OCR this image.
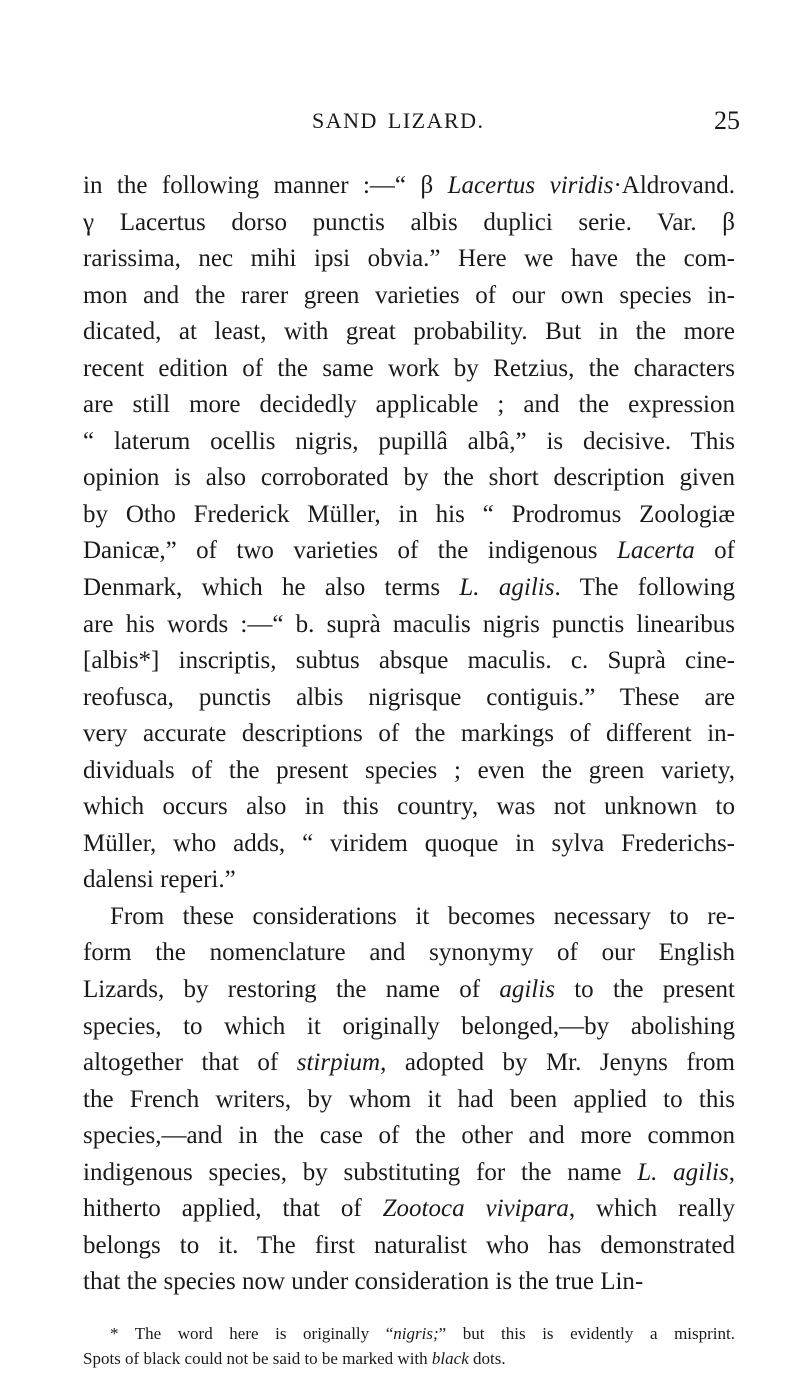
SAND LIZARD.	25
in the following manner :—“ β Lacertus viridis·Aldrovand.
γ Lacertus dorso punctis albis duplici serie. Var. β
rarissima, nec mihi ipsi obvia.” Here we have the com-
mon and the rarer green varieties of our own species in-
dicated, at least, with great probability. But in the more
recent edition of the same work by Retzius, the characters
are still more decidedly applicable ; and the expression
“ laterum ocellis nigris, pupillâ albâ,” is decisive. This
opinion is also corroborated by the short description given
by Otho Frederick Müller, in his “ Prodromus Zoologiæ
Danicæ,” of two varieties of the indigenous Lacerta of
Denmark, which he also terms L. agilis. The following
are his words :—“ b. suprà maculis nigris punctis linearibus
[albis*] inscriptis, subtus absque maculis. c. Suprà cine-
reofusca, punctis albis nigrisque contiguis.” These are
very accurate descriptions of the markings of different in-
dividuals of the present species ; even the green variety,
which occurs also in this country, was not unknown to
Müller, who adds, “ viridem quoque in sylva Frederichs-
dalensi reperi.”
From these considerations it becomes necessary to re-
form the nomenclature and synonymy of our English
Lizards, by restoring the name of agilis to the present
species, to which it originally belonged,—by abolishing
altogether that of stirpium, adopted by Mr. Jenyns from
the French writers, by whom it had been applied to this
species,—and in the case of the other and more common
indigenous species, by substituting for the name L. agilis,
hitherto applied, that of Zootoca vivipara, which really
belongs to it. The first naturalist who has demonstrated
that the species now under consideration is the true Lin-
* The word here is originally “nigris;” but this is evidently a misprint.
Spots of black could not be said to be marked with black dots.
